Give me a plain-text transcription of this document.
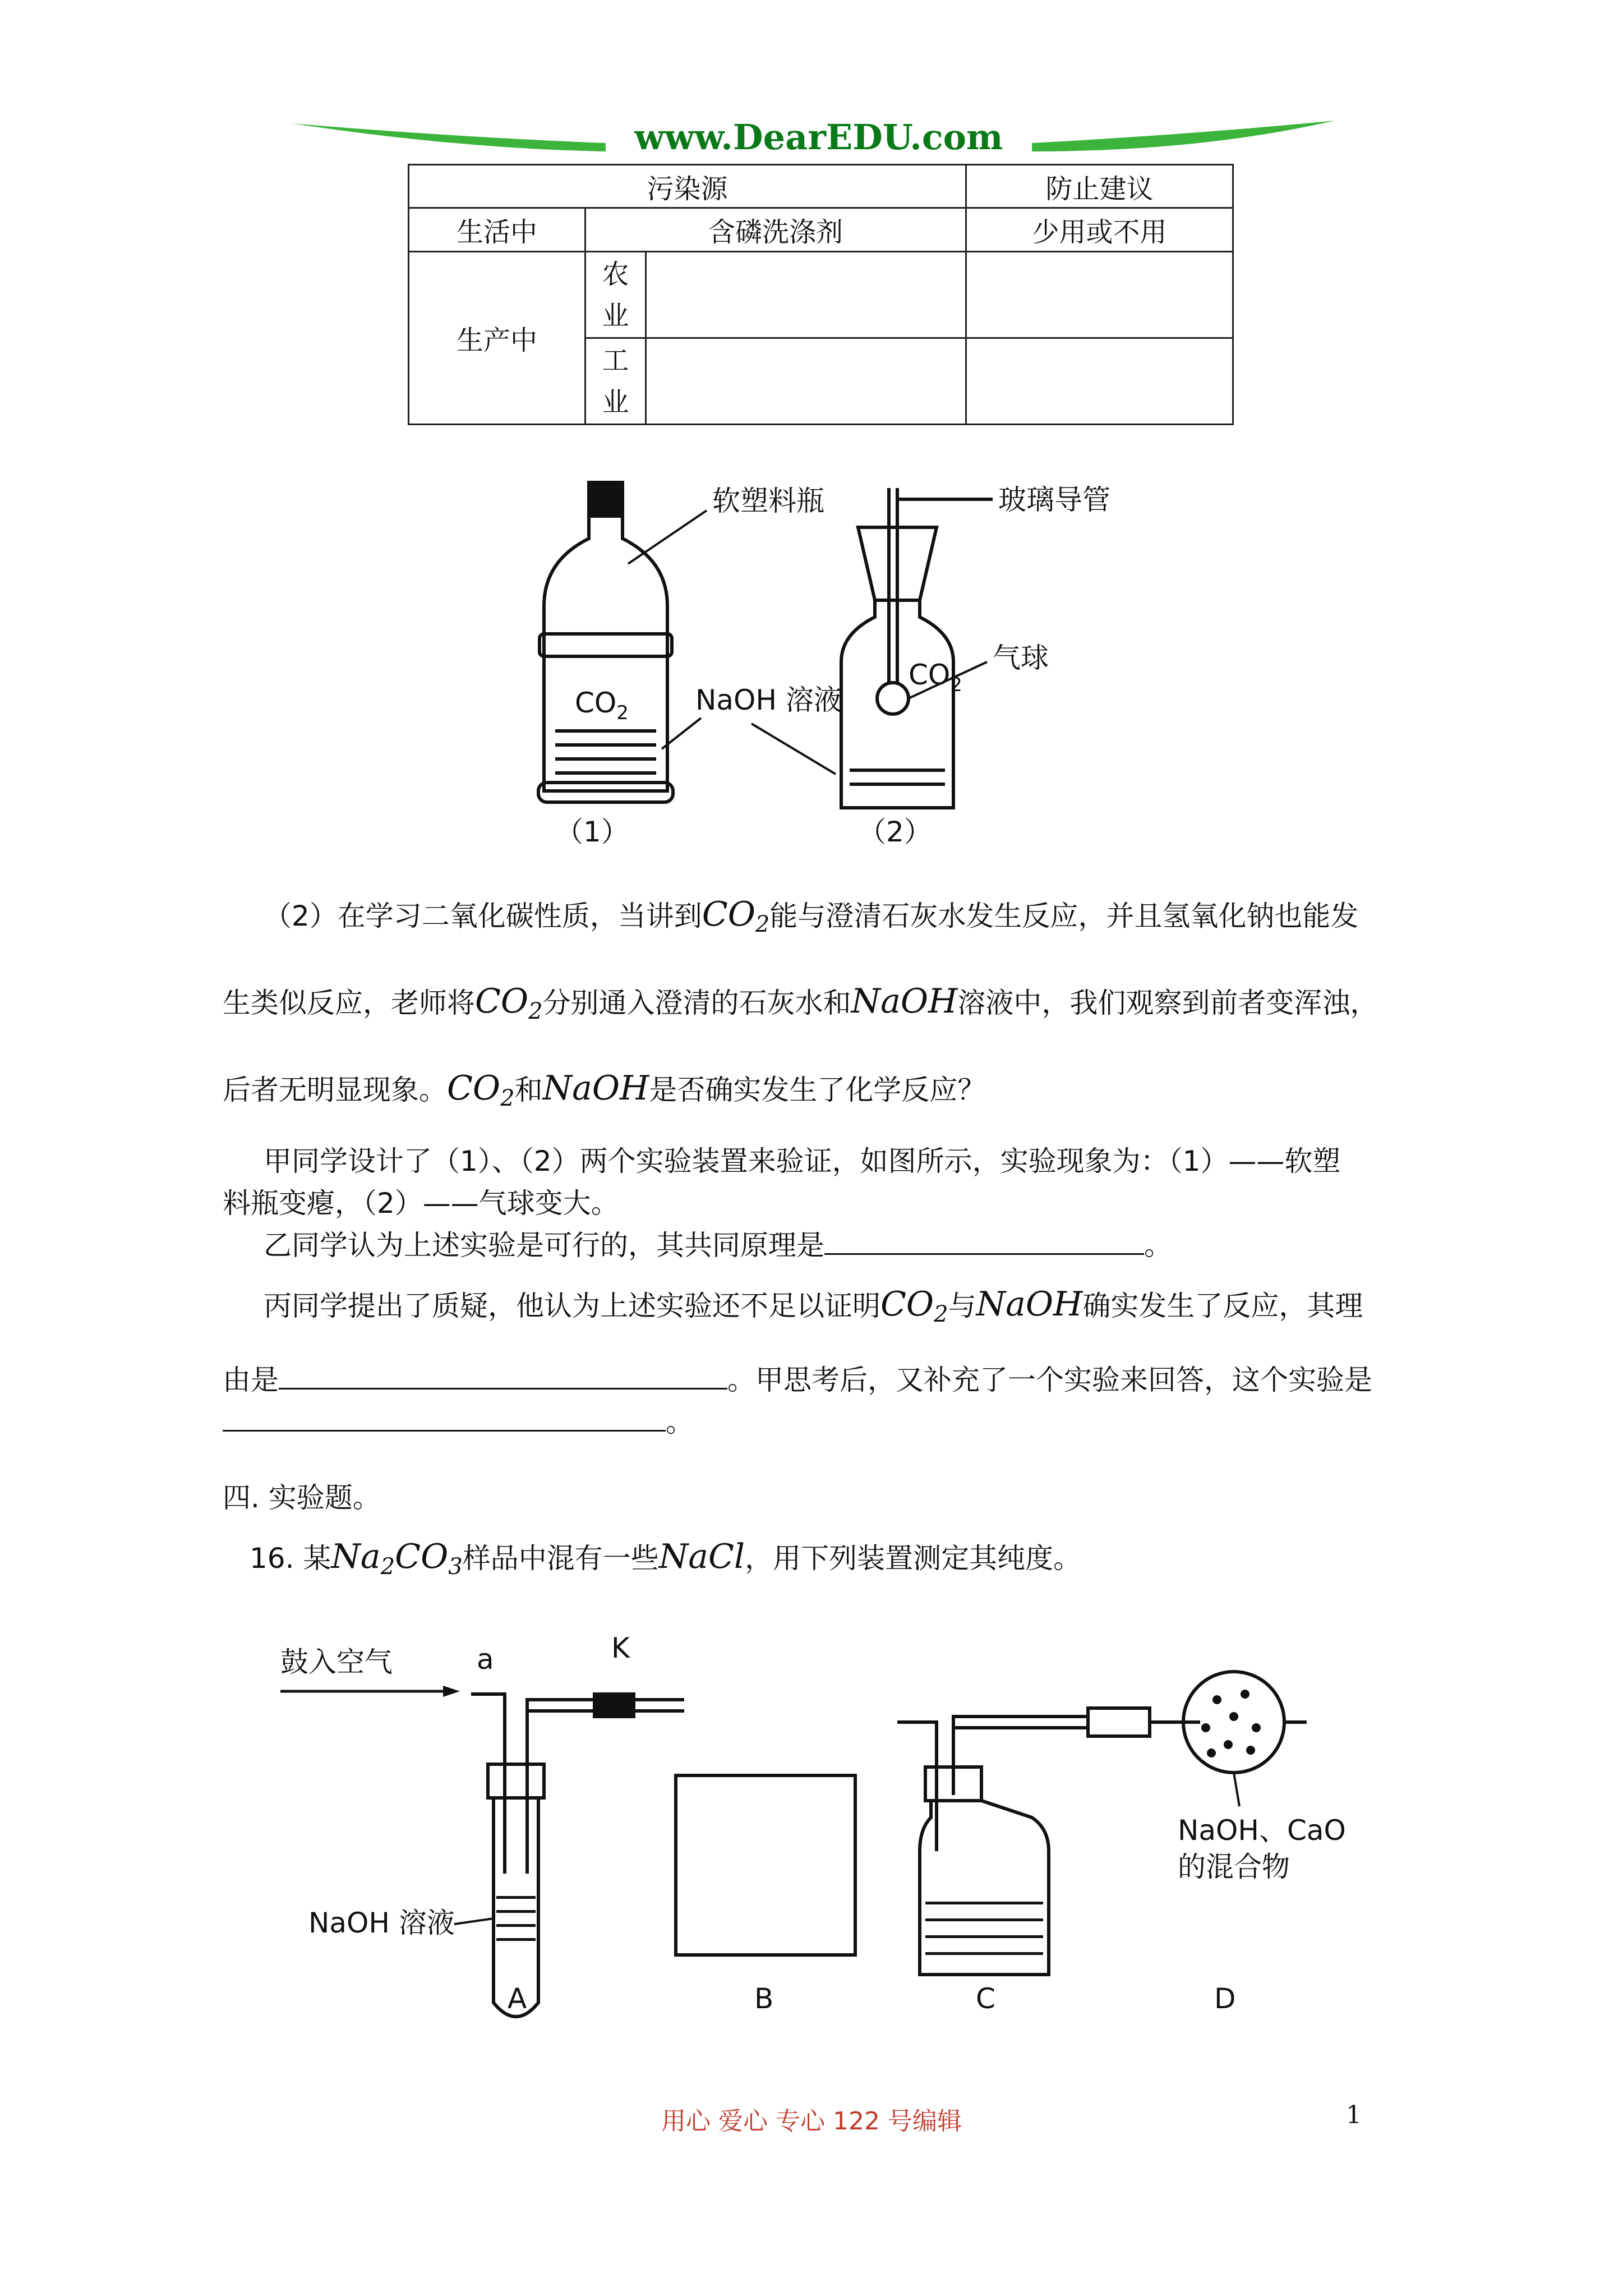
www.DearEDU.com
污染源			防止建议
生活中	含磷洗涤剂		少用或不用
生产中	农
业		
	工
业		
$CO_2$
软塑料瓶
NaOH 溶液
（1）
$CO_2$
玻璃导管
气球
（2）
（2）在学习二氧化碳性质，当讲到$CO_2$能与澄清石灰水发生反应，并且氢氧化钠也能发
生类似反应，老师将$CO_2$分别通入澄清的石灰水和NaOH溶液中，我们观察到前者变浑浊，
后者无明显现象。$CO_2$和NaOH是否确实发生了化学反应？
甲同学设计了（1）、（2）两个实验装置来验证，如图所示，实验现象为：（1）——软塑
料瓶变瘪，（2）——气球变大。
乙同学认为上述实验是可行的，其共同原理是	。
丙同学提出了质疑，他认为上述实验还不足以证明$CO_2$与NaOH确实发生了反应，其理
由是	。甲思考后，又补充了一个实验来回答，这个实验是
。
四. 实验题。
16. 某$Na_2CO_3$样品中混有一些NaCl，用下列装置测定其纯度。
鼓入空气	a	K
NaOH 溶液
A	B	C
NaOH、CaO
的混合物
D
用心 爱心 专心 122 号编辑	1
